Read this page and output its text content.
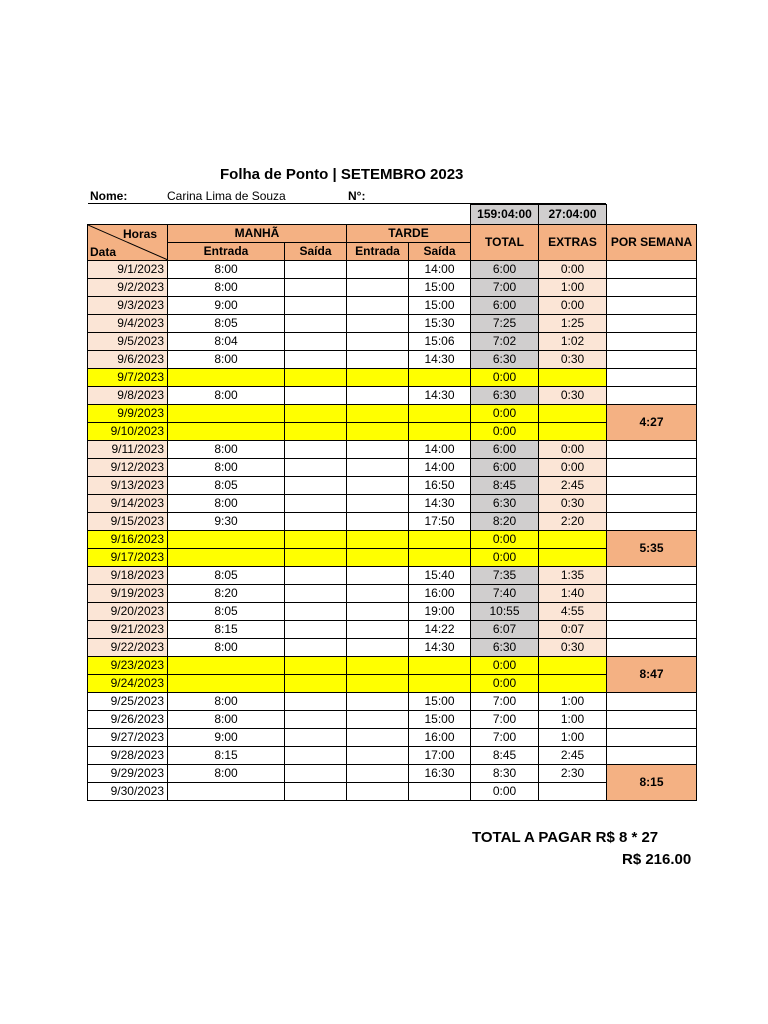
Folha de Ponto | SETEMBRO 2023
Nome:	Carina Lima de Souza	N°:
					159:04:00	27:04:00	

Horas
Data	MANHÃ		TARDE		TOTAL	EXTRAS	POR SEMANA
	Entrada	Saída	Entrada	Saída			
9/1/2023	8:00			14:00	6:00	0:00	
9/2/2023	8:00			15:00	7:00	1:00	
9/3/2023	9:00			15:00	6:00	0:00	
9/4/2023	8:05			15:30	7:25	1:25	
9/5/2023	8:04			15:06	7:02	1:02	
9/6/2023	8:00			14:30	6:30	0:30	
9/7/2023					0:00		
9/8/2023	8:00			14:30	6:30	0:30	
9/9/2023					0:00		4:27
9/10/2023					0:00		
9/11/2023	8:00			14:00	6:00	0:00	
9/12/2023	8:00			14:00	6:00	0:00	
9/13/2023	8:05			16:50	8:45	2:45	
9/14/2023	8:00			14:30	6:30	0:30	
9/15/2023	9:30			17:50	8:20	2:20	
9/16/2023					0:00		5:35
9/17/2023					0:00		
9/18/2023	8:05			15:40	7:35	1:35	
9/19/2023	8:20			16:00	7:40	1:40	
9/20/2023	8:05			19:00	10:55	4:55	
9/21/2023	8:15			14:22	6:07	0:07	
9/22/2023	8:00			14:30	6:30	0:30	
9/23/2023					0:00		8:47
9/24/2023					0:00		
9/25/2023	8:00			15:00	7:00	1:00	
9/26/2023	8:00			15:00	7:00	1:00	
9/27/2023	9:00			16:00	7:00	1:00	
9/28/2023	8:15			17:00	8:45	2:45	
9/29/2023	8:00			16:30	8:30	2:30	8:15
9/30/2023					0:00		
TOTAL A PAGAR R$ 8 * 27
R$ 216.00
